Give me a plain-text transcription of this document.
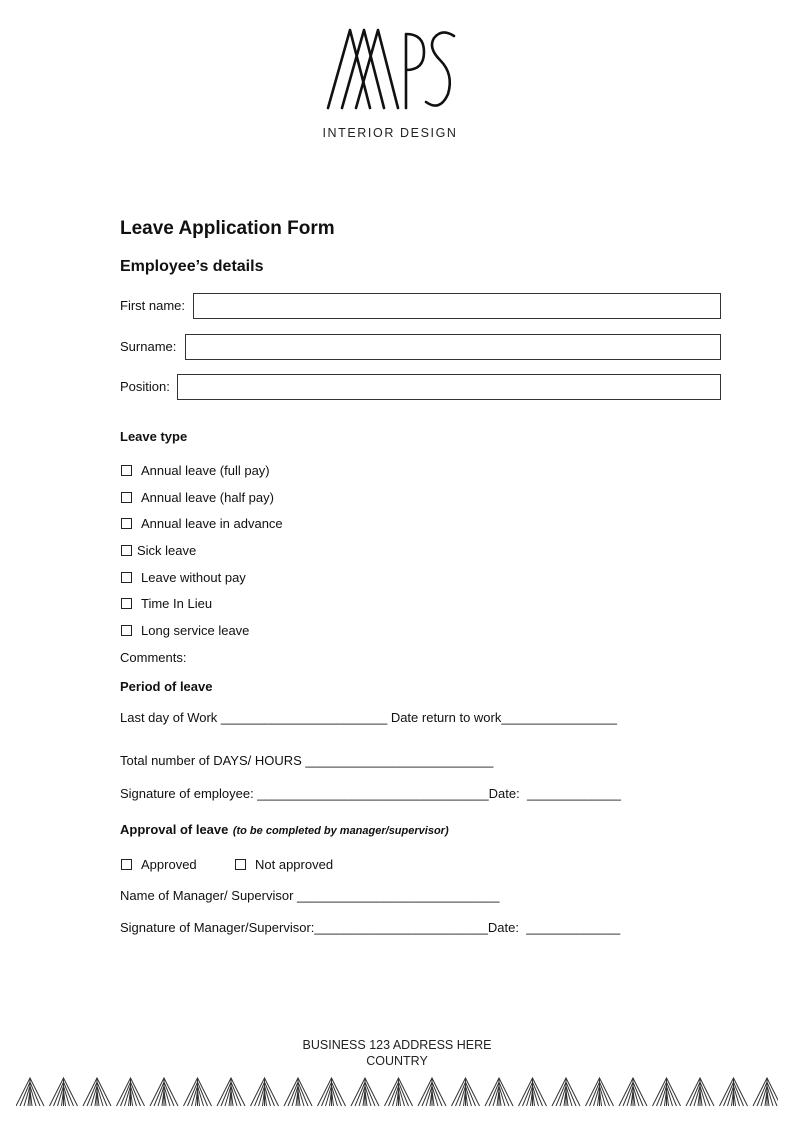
INTERIOR DESIGN
Leave Application Form
Employee’s details
First name:
Surname:
Position:
Leave type
Annual leave (full pay)
Annual leave (half pay)
Annual leave in advance
Sick leave
Leave without pay
Time In Lieu
Long service leave
Comments:
Period of leave
Last day of Work _______________________ Date return to work________________
Total number of DAYS/ HOURS __________________________
Signature of employee: ________________________________Date:  _____________
Approval of leave (to be completed by manager/supervisor)
Approved	Not approved
Name of Manager/ Supervisor ____________________________
Signature of Manager/Supervisor:________________________Date:  _____________
BUSINESS 123 ADDRESS HERE
COUNTRY
